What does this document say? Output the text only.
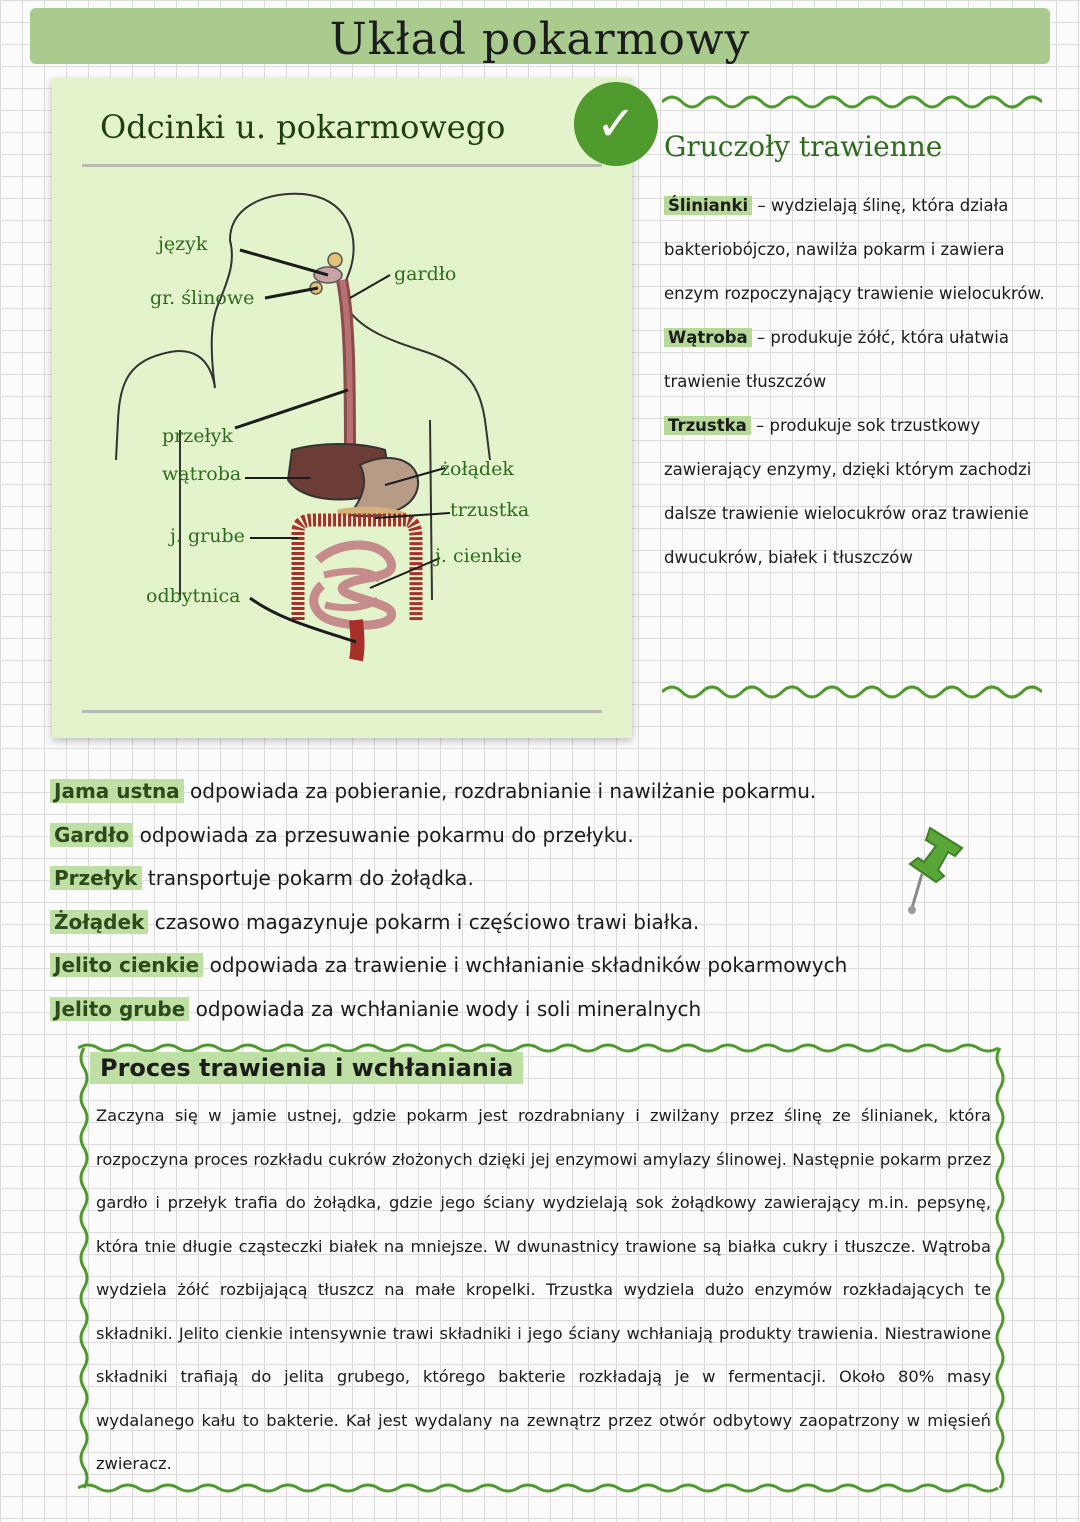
Układ pokarmowy
Odcinki u. pokarmowego	✓
język
gr. ślinowe
gardło
przełyk
wątroba	żołądek
trzustka
j. grube
j. cienkie
odbytnica
Gruczoły trawienne
Ślinianki – wydzielają ślinę, która działa bakteriobójczo, nawilża pokarm i zawiera enzym rozpoczynający trawienie wielocukrów.
Wątroba – produkuje żółć, która ułatwia trawienie tłuszczów
Trzustka – produkuje sok trzustkowy zawierający enzymy, dzięki którym zachodzi dalsze trawienie wielocukrów oraz trawienie dwucukrów, białek i tłuszczów
Jama ustna odpowiada za pobieranie, rozdrabnianie i nawilżanie pokarmu.
Gardło odpowiada za przesuwanie pokarmu do przełyku.
Przełyk transportuje pokarm do żołądka.
Żołądek czasowo magazynuje pokarm i częściowo trawi białka.
Jelito cienkie odpowiada za trawienie i wchłanianie składników pokarmowych
Jelito grube odpowiada za wchłanianie wody i soli mineralnych
Proces trawienia i wchłaniania
Zaczyna się w jamie ustnej, gdzie pokarm jest rozdrabniany i zwilżany przez ślinę ze ślinianek, która rozpoczyna proces rozkładu cukrów złożonych dzięki jej enzymowi amylazy ślinowej. Następnie pokarm przez gardło i przełyk trafia do żołądka, gdzie jego ściany wydzielają sok żołądkowy zawierający m.in. pepsynę, która tnie długie cząsteczki białek na mniejsze. W dwunastnicy trawione są białka cukry i tłuszcze. Wątroba wydziela żółć rozbijającą tłuszcz na małe kropelki. Trzustka wydziela dużo enzymów rozkładających te składniki. Jelito cienkie intensywnie trawi składniki i jego ściany wchłaniają produkty trawienia. Niestrawione składniki trafiają do jelita grubego, którego bakterie rozkładają je w fermentacji. Około 80% masy wydalanego kału to bakterie. Kał jest wydalany na zewnątrz przez otwór odbytowy zaopatrzony w mięsień zwieracz.
